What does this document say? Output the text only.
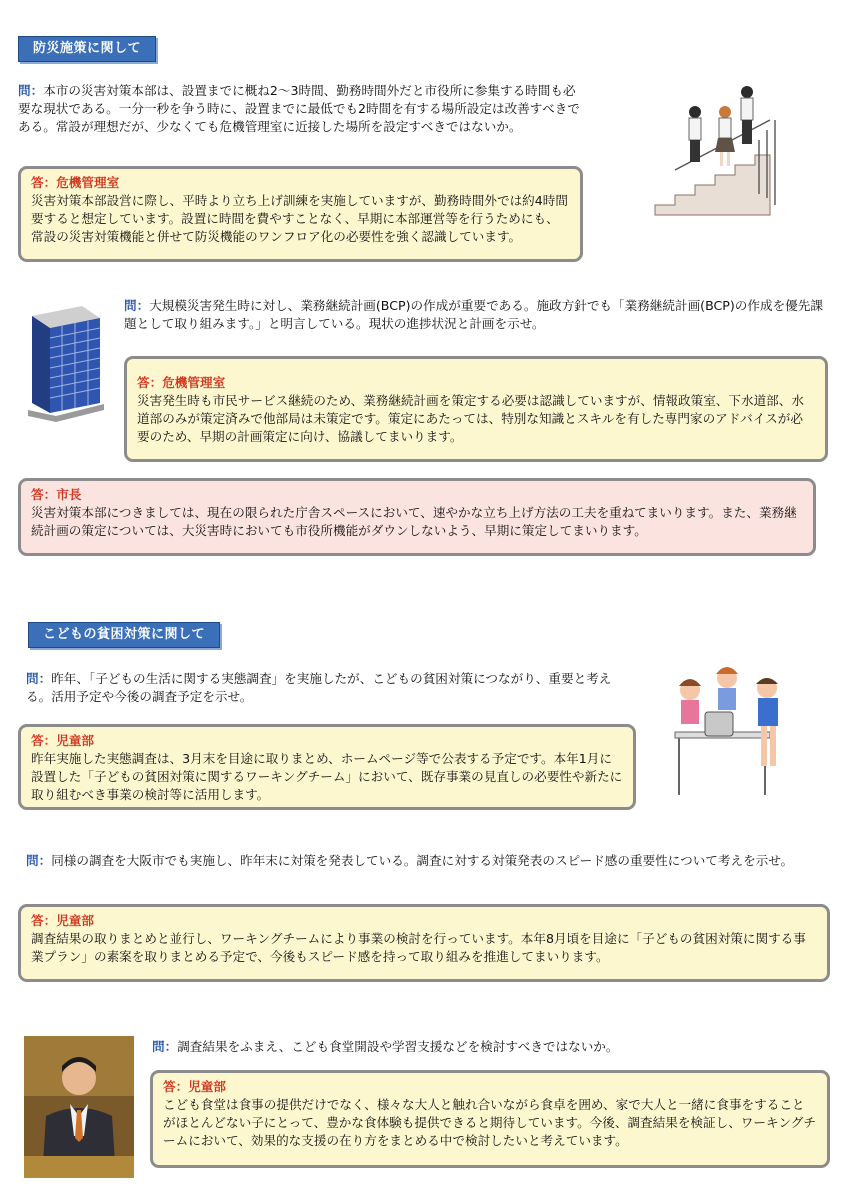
防災施策に関して
問：本市の災害対策本部は、設置までに概ね2〜3時間、勤務時間外だと市役所に参集する時間も必要な現状である。一分一秒を争う時に、設置までに最低でも2時間を有する場所設定は改善すべきである。常設が理想だが、少なくても危機管理室に近接した場所を設定すべきではないか。
答：危機管理室
災害対策本部設営に際し、平時より立ち上げ訓練を実施していますが、勤務時間外では約4時間要すると想定しています。設置に時間を費やすことなく、早期に本部運営等を行うためにも、常設の災害対策機能と併せて防災機能のワンフロア化の必要性を強く認識しています。
問：大規模災害発生時に対し、業務継続計画(BCP)の作成が重要である。施政方針でも「業務継続計画(BCP)の作成を優先課題として取り組みます。」と明言している。現状の進捗状況と計画を示せ。
答：危機管理室
災害発生時も市民サービス継続のため、業務継続計画を策定する必要は認識していますが、情報政策室、下水道部、水道部のみが策定済みで他部局は未策定です。策定にあたっては、特別な知識とスキルを有した専門家のアドバイスが必要のため、早期の計画策定に向け、協議してまいります。
答：市長
災害対策本部につきましては、現在の限られた庁舎スペースにおいて、速やかな立ち上げ方法の工夫を重ねてまいります。また、業務継続計画の策定については、大災害時においても市役所機能がダウンしないよう、早期に策定してまいります。
こどもの貧困対策に関して
問：昨年、「子どもの生活に関する実態調査」を実施したが、こどもの貧困対策につながり、重要と考える。活用予定や今後の調査予定を示せ。
答：児童部
昨年実施した実態調査は、3月末を目途に取りまとめ、ホームページ等で公表する予定です。本年1月に設置した「子どもの貧困対策に関するワーキングチーム」において、既存事業の見直しの必要性や新たに取り組むべき事業の検討等に活用します。
問：同様の調査を大阪市でも実施し、昨年末に対策を発表している。調査に対する対策発表のスピード感の重要性について考えを示せ。
答：児童部
調査結果の取りまとめと並行し、ワーキングチームにより事業の検討を行っています。本年8月頃を目途に「子どもの貧困対策に関する事業プラン」の素案を取りまとめる予定で、今後もスピード感を持って取り組みを推進してまいります。
問：調査結果をふまえ、こども食堂開設や学習支援などを検討すべきではないか。
答：児童部
こども食堂は食事の提供だけでなく、様々な大人と触れ合いながら食卓を囲め、家で大人と一緒に食事をすることがほとんどない子にとって、豊かな食体験も提供できると期待しています。今後、調査結果を検証し、ワーキングチームにおいて、効果的な支援の在り方をまとめる中で検討したいと考えています。
